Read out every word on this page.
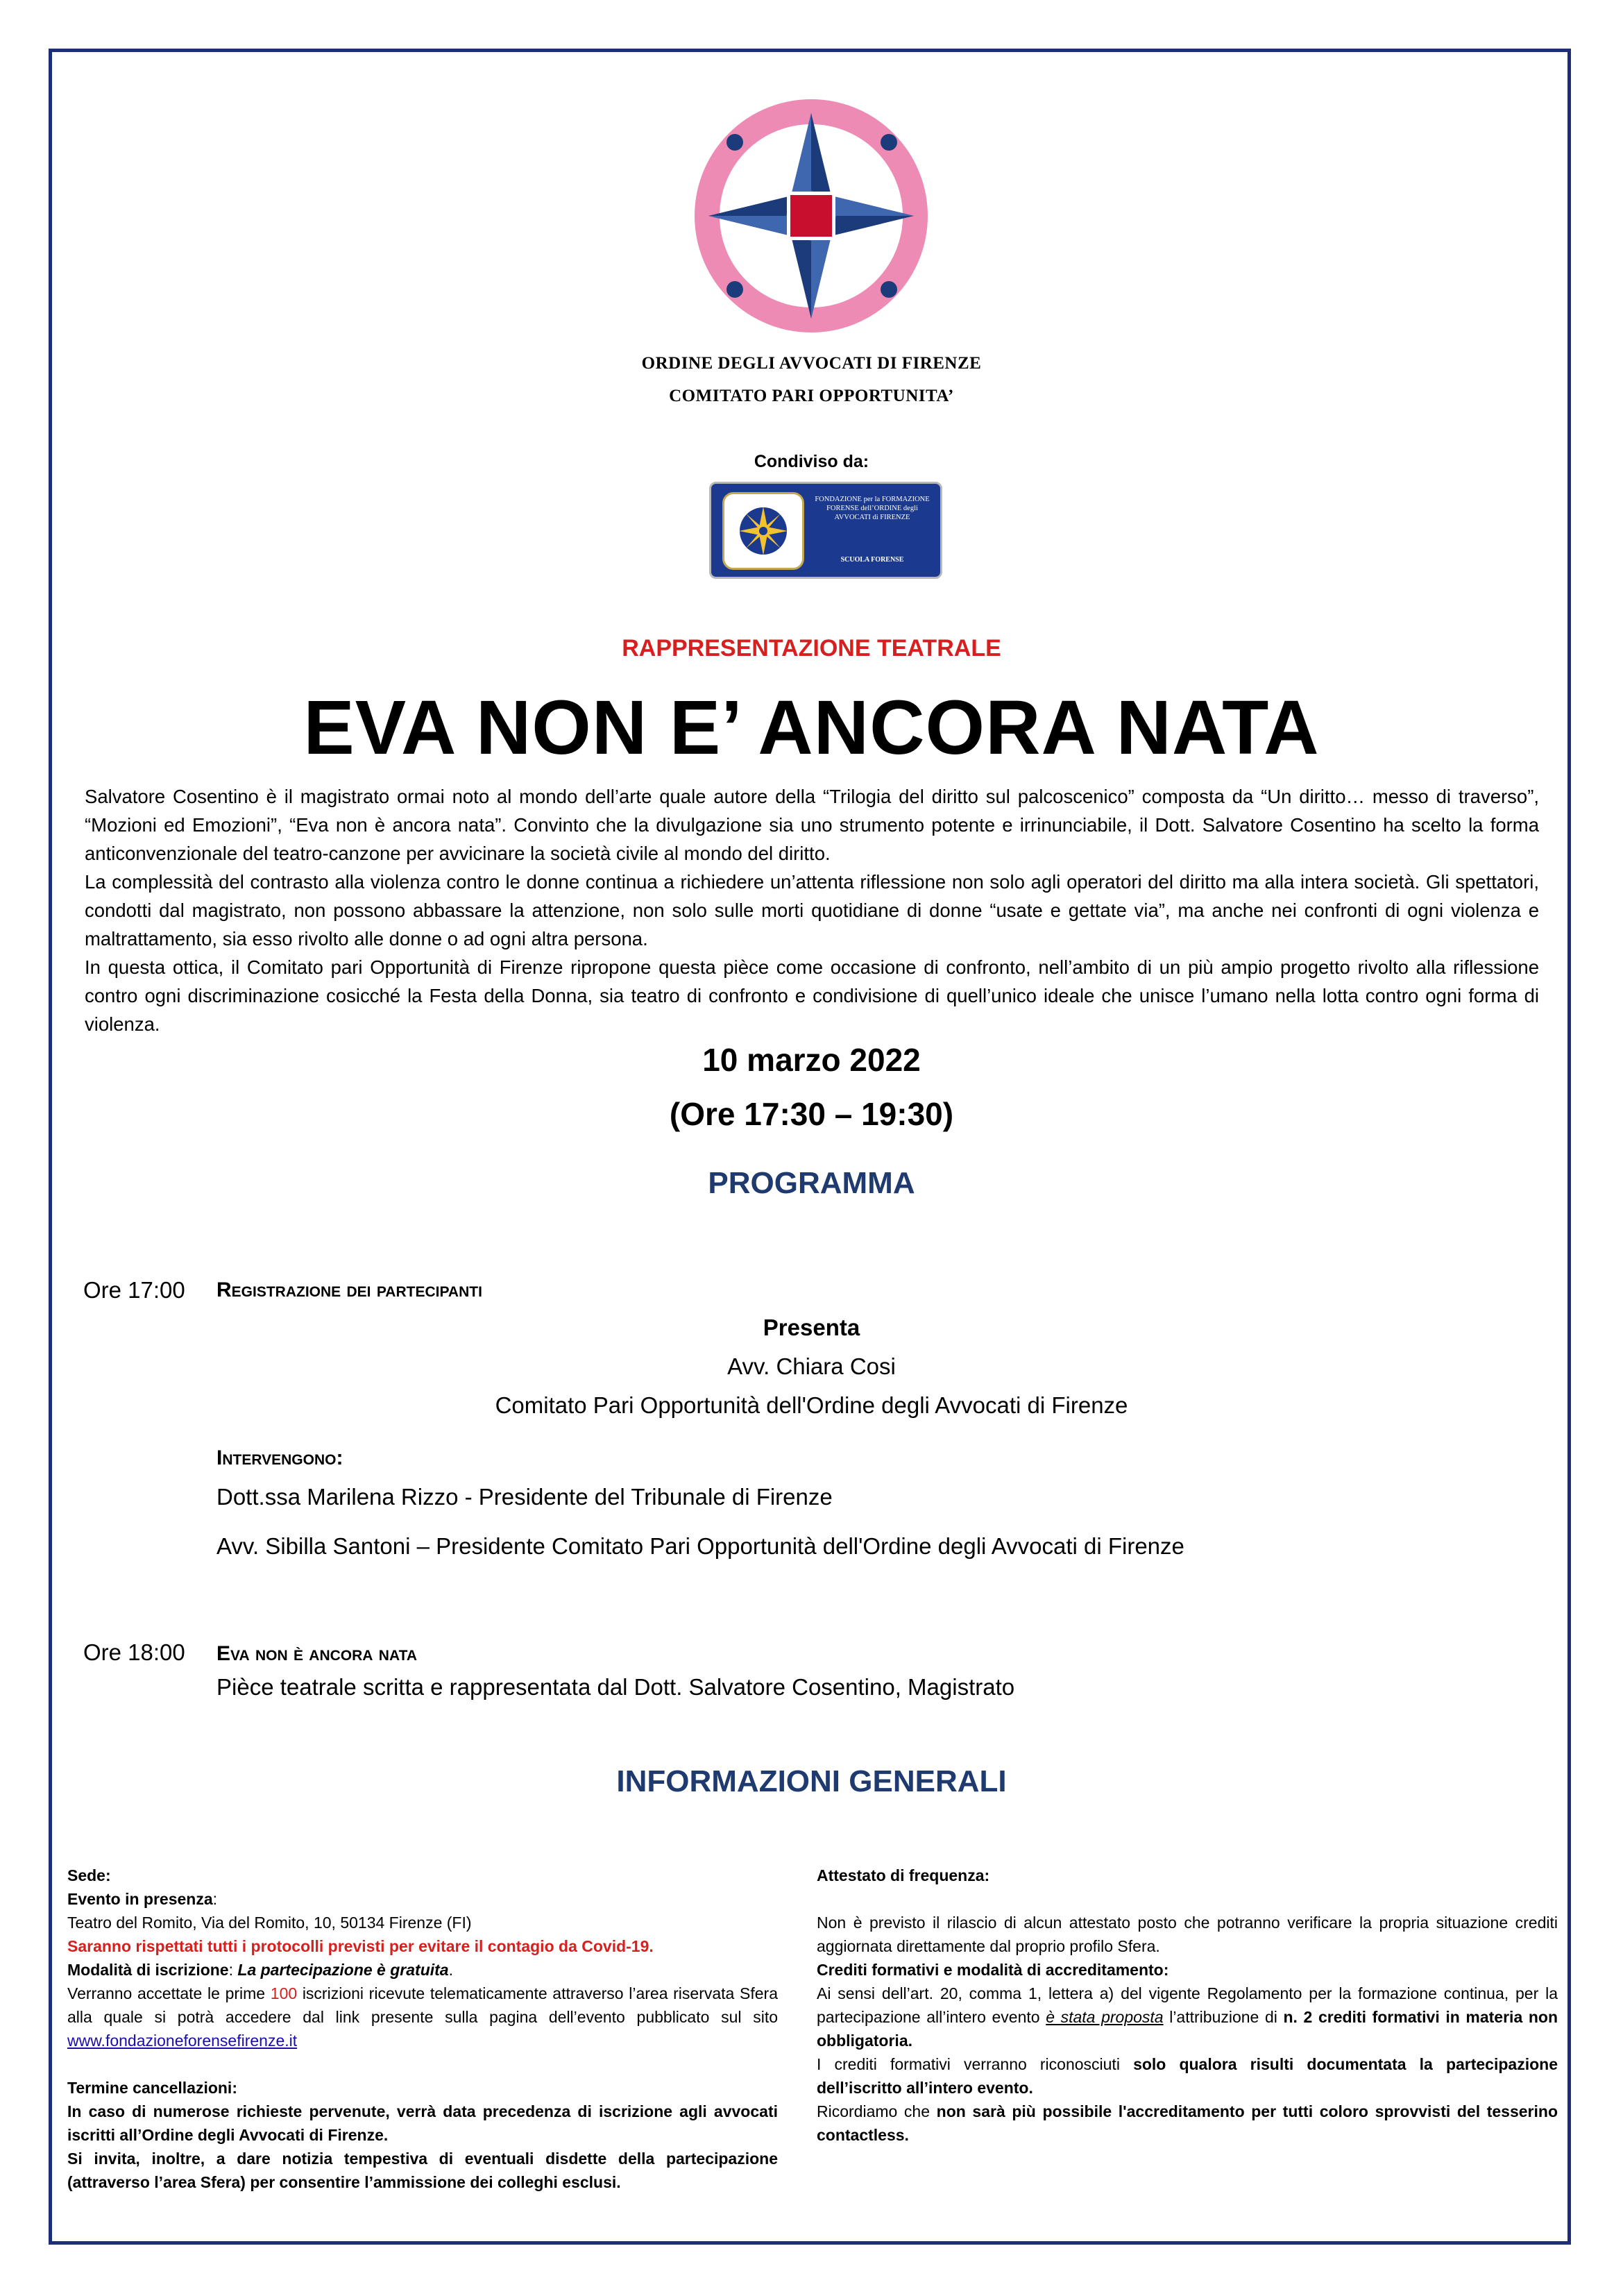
ORDINE DEGLI AVVOCATI DI FIRENZE
COMITATO PARI OPPORTUNITA’
Condiviso da:
FONDAZIONE per la FORMAZIONE FORENSE dell’ORDINE degli AVVOCATI di FIRENZE
SCUOLA FORENSE
RAPPRESENTAZIONE TEATRALE
EVA NON E’ ANCORA NATA

Salvatore Cosentino è il magistrato ormai noto al mondo dell’arte quale autore della “Trilogia del diritto sul palcoscenico” composta da “Un diritto… messo di traverso”, “Mozioni ed Emozioni”, “Eva non è ancora nata”. Convinto che la divulgazione sia uno strumento potente e irrinunciabile, il Dott. Salvatore Cosentino ha scelto la forma anticonvenzionale del teatro-canzone per avvicinare la società civile al mondo del diritto.

La complessità del contrasto alla violenza contro le donne continua a richiedere un’attenta riflessione non solo agli operatori del diritto ma alla intera società. Gli spettatori, condotti dal magistrato, non possono abbassare la attenzione, non solo sulle morti quotidiane di donne “usate e gettate via”, ma anche nei confronti di ogni violenza e maltrattamento, sia esso rivolto alle donne o ad ogni altra persona.

In questa ottica, il Comitato pari Opportunità di Firenze ripropone questa pièce come occasione di confronto, nell’ambito di un più ampio progetto rivolto alla riflessione contro ogni discriminazione cosicché la Festa della Donna, sia teatro di confronto e condivisione di quell’unico ideale che unisce l’umano nella lotta contro ogni forma di violenza.

10 marzo 2022
(Ore 17:30 – 19:30)
PROGRAMMA
Ore 17:00 Registrazione dei partecipanti
Presenta
Avv. Chiara Cosi
Comitato Pari Opportunità dell'Ordine degli Avvocati di Firenze
Intervengono:
Dott.ssa Marilena Rizzo - Presidente del Tribunale di Firenze
Avv. Sibilla Santoni – Presidente Comitato Pari Opportunità dell'Ordine degli Avvocati di Firenze
Ore 18:00 Eva non è ancora nata
Pièce teatrale scritta e rappresentata dal Dott. Salvatore Cosentino, Magistrato
INFORMAZIONI GENERALI

Sede:

Evento in presenza:

Teatro del Romito, Via del Romito, 10, 50134 Firenze (FI)

Saranno rispettati tutti i protocolli previsti per evitare il contagio da Covid-19.

Modalità di iscrizione: La partecipazione è gratuita.

Verranno accettate le prime 100 iscrizioni ricevute telematicamente attraverso l’area riservata Sfera alla quale si potrà accedere dal link presente sulla pagina dell’evento pubblicato sul sito www.fondazioneforensefirenze.it

Termine cancellazioni:

In caso di numerose richieste pervenute, verrà data precedenza di iscrizione agli avvocati iscritti all’Ordine degli Avvocati di Firenze.

Si invita, inoltre, a dare notizia tempestiva di eventuali disdette della partecipazione (attraverso l’area Sfera) per consentire l’ammissione dei colleghi esclusi.

Attestato di frequenza:

Non è previsto il rilascio di alcun attestato posto che potranno verificare la propria situazione crediti aggiornata direttamente dal proprio profilo Sfera.

Crediti formativi e modalità di accreditamento:

Ai sensi dell’art. 20, comma 1, lettera a) del vigente Regolamento per la formazione continua, per la partecipazione all’intero evento è stata proposta l’attribuzione di n. 2 crediti formativi in materia non obbligatoria.

I crediti formativi verranno riconosciuti solo qualora risulti documentata la partecipazione dell’iscritto all’intero evento.

Ricordiamo che non sarà più possibile l'accreditamento per tutti coloro sprovvisti del tesserino contactless.
